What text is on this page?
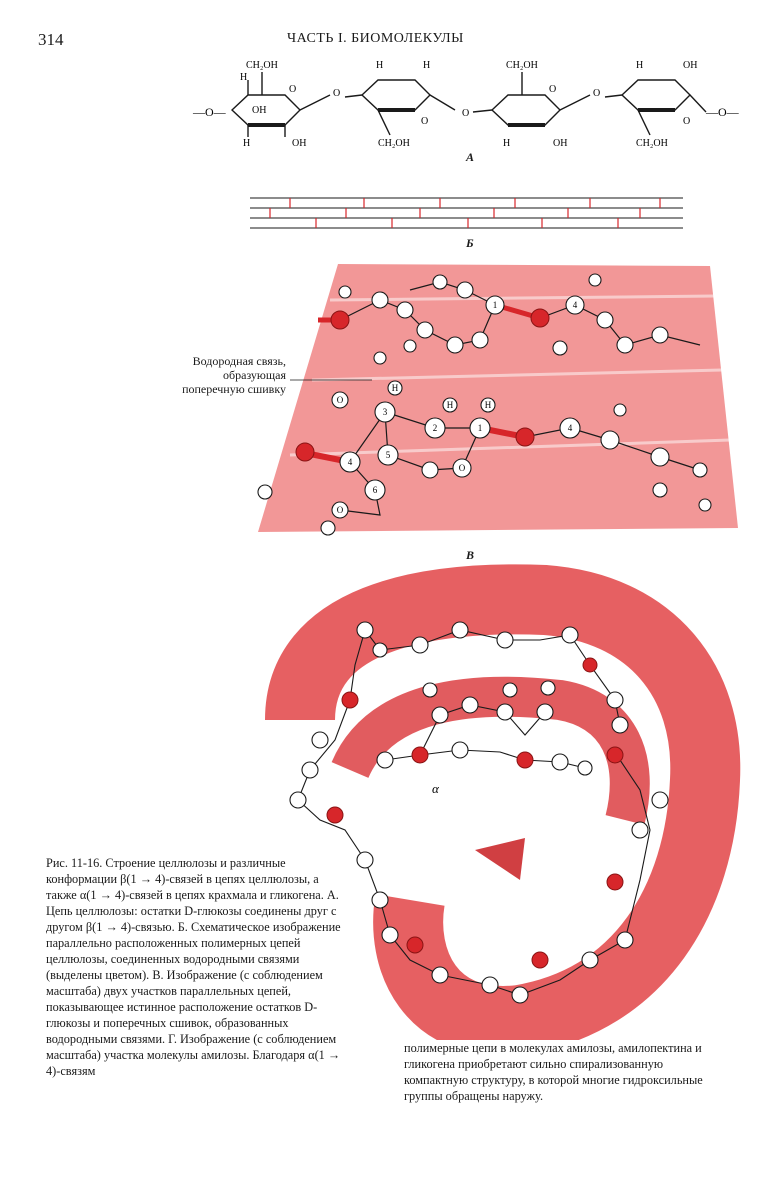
314	ЧАСТЬ I. БИОМОЛЕКУЛЫ
—O—	—O—
CH₂OH
H
OH
H	OH
O	O
H	H
CH₂OH
O
O
CH₂OH
H	OH
O	O
H	OH
CH₂OH
O
A
Б
1	4
3
2	1	4
4
5
6
O
O
H
H	H
O
Водородная связь, образующая поперечную сшивку
В
α
Рис. 11-16. Строение целлюлозы и различные конформации β(1 → 4)-связей в цепях целлюлозы, а также α(1 → 4)-связей в цепях крахмала и гликогена. А. Цепь целлюлозы: остатки D-глюкозы соединены друг с другом β(1 → 4)-связью. Б. Схематическое изображение параллельно расположенных полимерных цепей целлюлозы, соединенных водородными связями (выделены цветом). В. Изображение (с соблюдением масштаба) двух участков параллельных цепей, показывающее истинное расположение остатков D-глюкозы и поперечных сшивок, образованных водородными связями. Г. Изображение (с соблюдением масштаба) участка молекулы амилозы. Благодаря α(1 → 4)-связям
полимерные цепи в молекулах амилозы, амилопектина и гликогена приобретают сильно спирализованную компактную структуру, в которой многие гидроксильные группы обращены наружу.
